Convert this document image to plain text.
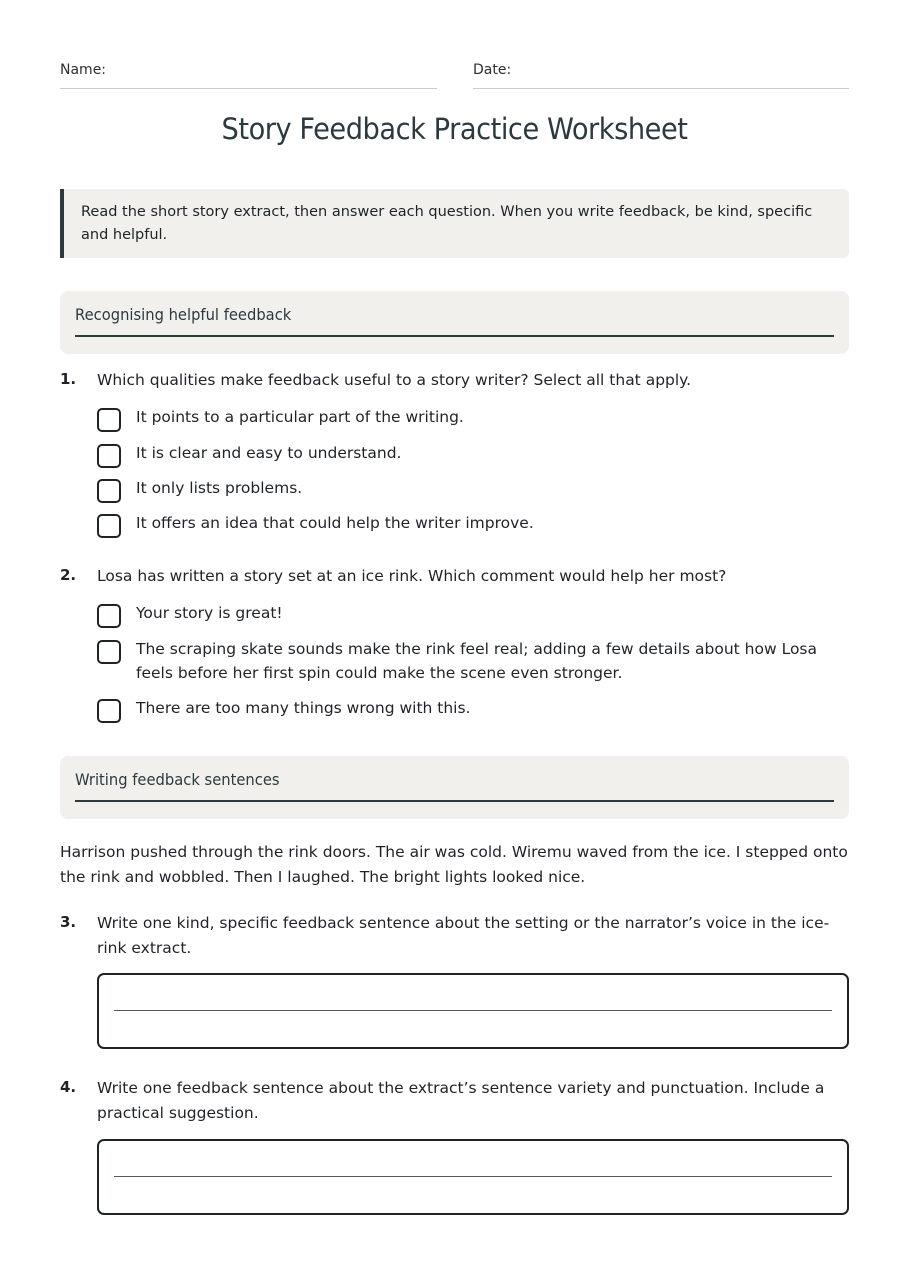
Name:	Date:
Story Feedback Practice Worksheet
Read the short story extract, then answer each question. When you write feedback, be kind, specific and helpful.
Recognising helpful feedback
1. Which qualities make feedback useful to a story writer? Select all that apply.
It points to a particular part of the writing.
It is clear and easy to understand.
It only lists problems.
It offers an idea that could help the writer improve.
2. Losa has written a story set at an ice rink. Which comment would help her most?
Your story is great!
The scraping skate sounds make the rink feel real; adding a few details about how Losa feels before her first spin could make the scene even stronger.
There are too many things wrong with this.
Writing feedback sentences
Harrison pushed through the rink doors. The air was cold. Wiremu waved from the ice. I stepped onto the rink and wobbled. Then I laughed. The bright lights looked nice.
3. Write one kind, specific feedback sentence about the setting or the narrator’s voice in the ice-rink extract.
4. Write one feedback sentence about the extract’s sentence variety and punctuation. Include a practical suggestion.
